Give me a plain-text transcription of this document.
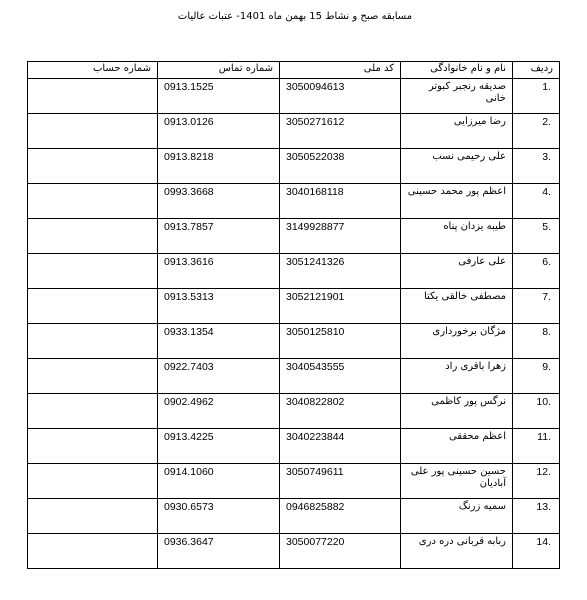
مسابقه صبح و نشاط 15 بهمن ماه 1401- عتبات عالیات
ردیف	نام و نام خانوادگی	کد ملی	شماره تماس	شماره حساب
1.	صدیقه رنجبر کبوتر خانی	3050094613	0913.1525	
2.	رضا میرزایی	3050271612	0913.0126	
3.	علی رحیمی نسب	3050522038	0913.8218	
4.	اعظم پور محمد حسینی	3040168118	0993.3668	
5.	طیبه یزدان پناه	3149928877	0913.7857	
6.	علی عارفی	3051241326	0913.3616	
7.	مصطفی خالقی یکتا	3052121901	0913.5313	
8.	مژگان برخورداری	3050125810	0933.1354	
9.	زهرا باقری راد	3040543555	0922.7403	
10.	نرگس پور کاظمی	3040822802	0902.4962	
11.	اعظم محققی	3040223844	0913.4225	
12.	حسین حسینی پور علی آبادیان	3050749611	0914.1060	
13.	سمیه زرنگ	0946825882	0930.6573	
14.	ربابه قربانی دره دری	3050077220	0936.3647	
